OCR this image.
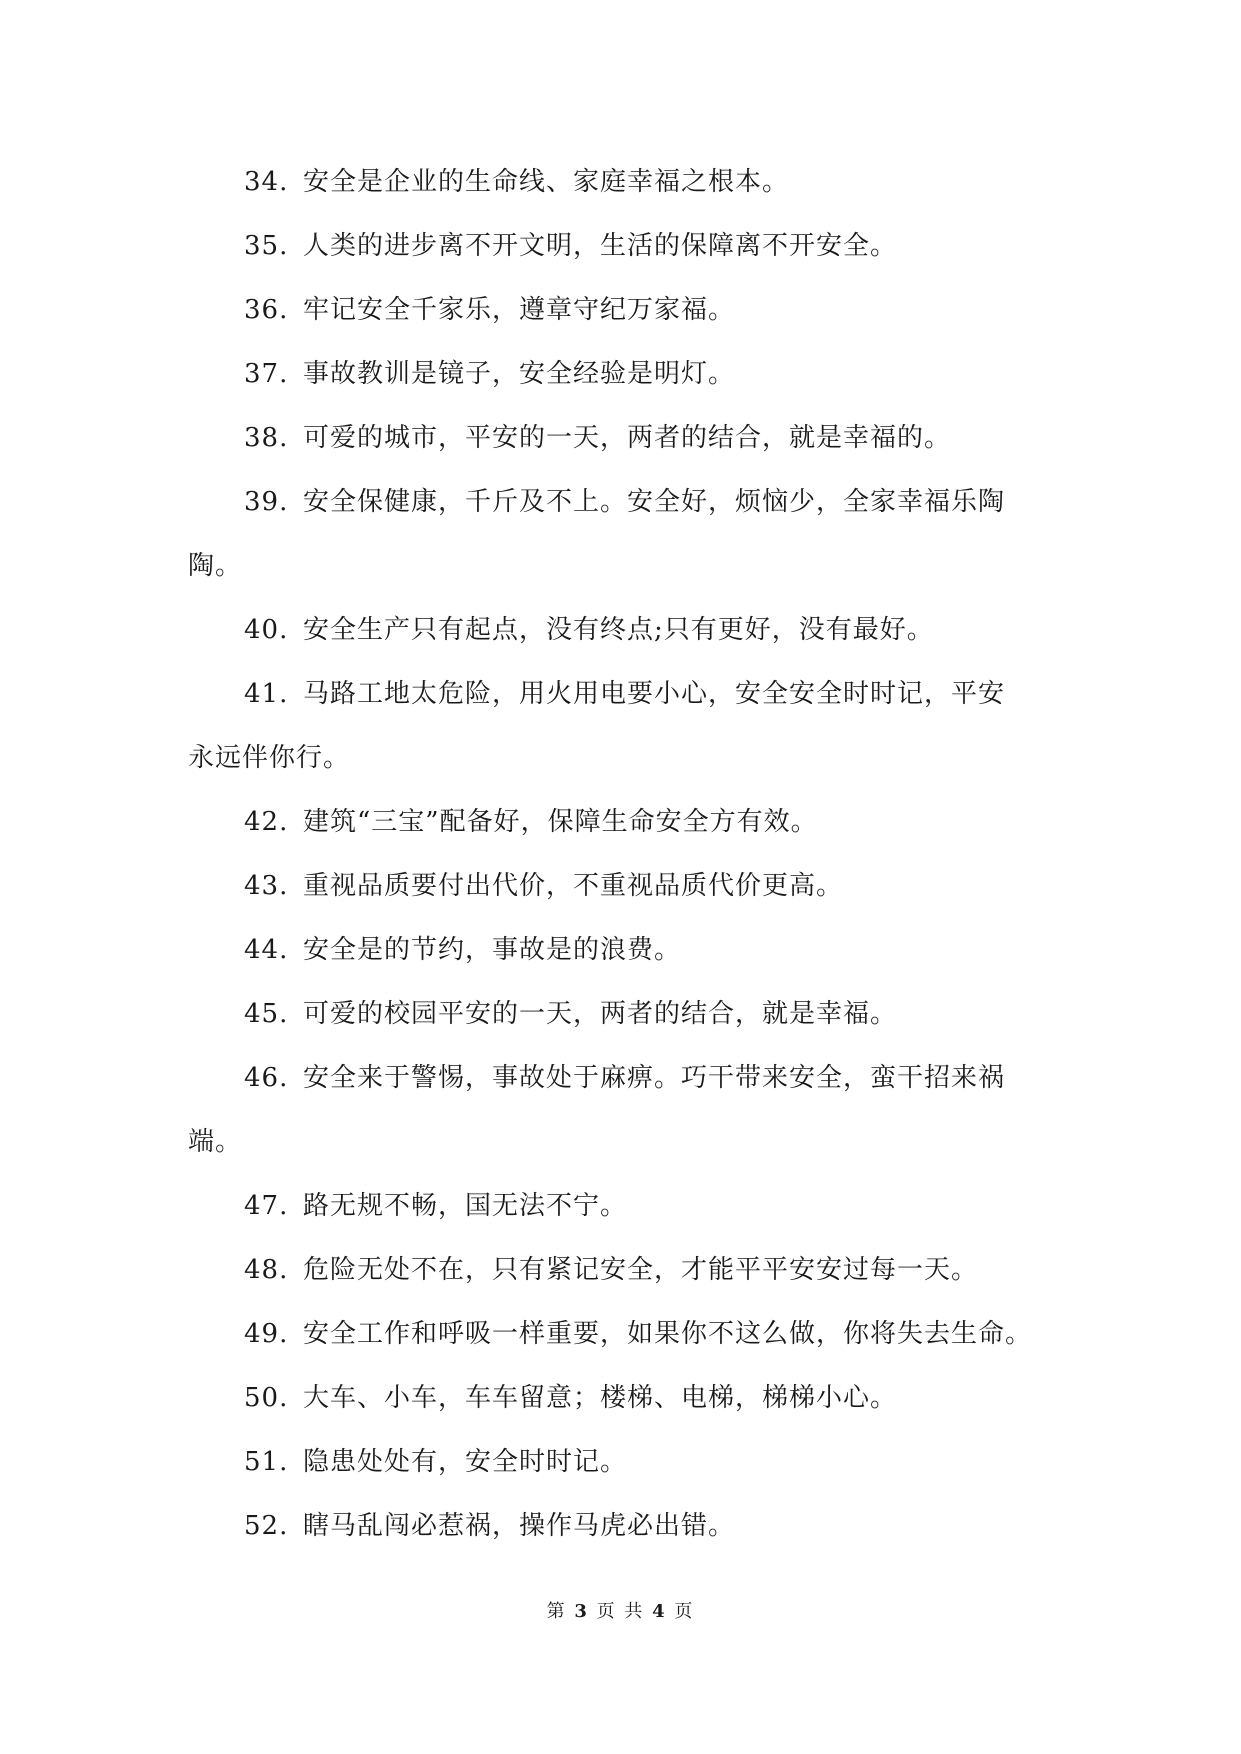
34. 安全是企业的生命线、家庭幸福之根本。
35. 人类的进步离不开文明，生活的保障离不开安全。
36. 牢记安全千家乐，遵章守纪万家福。
37. 事故教训是镜子，安全经验是明灯。
38. 可爱的城市，平安的一天，两者的结合，就是幸福的。
39. 安全保健康，千斤及不上。安全好，烦恼少，全家幸福乐陶
陶。
40. 安全生产只有起点，没有终点;只有更好，没有最好。
41. 马路工地太危险，用火用电要小心，安全安全时时记，平安
永远伴你行。
42. 建筑“三宝”配备好，保障生命安全方有效。
43. 重视品质要付出代价，不重视品质代价更高。
44. 安全是的节约，事故是的浪费。
45. 可爱的校园平安的一天，两者的结合，就是幸福。
46. 安全来于警惕，事故处于麻痹。巧干带来安全，蛮干招来祸
端。
47. 路无规不畅，国无法不宁。
48. 危险无处不在，只有紧记安全，才能平平安安过每一天。
49. 安全工作和呼吸一样重要，如果你不这么做，你将失去生命。
50. 大车、小车，车车留意；楼梯、电梯，梯梯小心。
51. 隐患处处有，安全时时记。
52. 瞎马乱闯必惹祸，操作马虎必出错。
第 3 页 共 4 页
